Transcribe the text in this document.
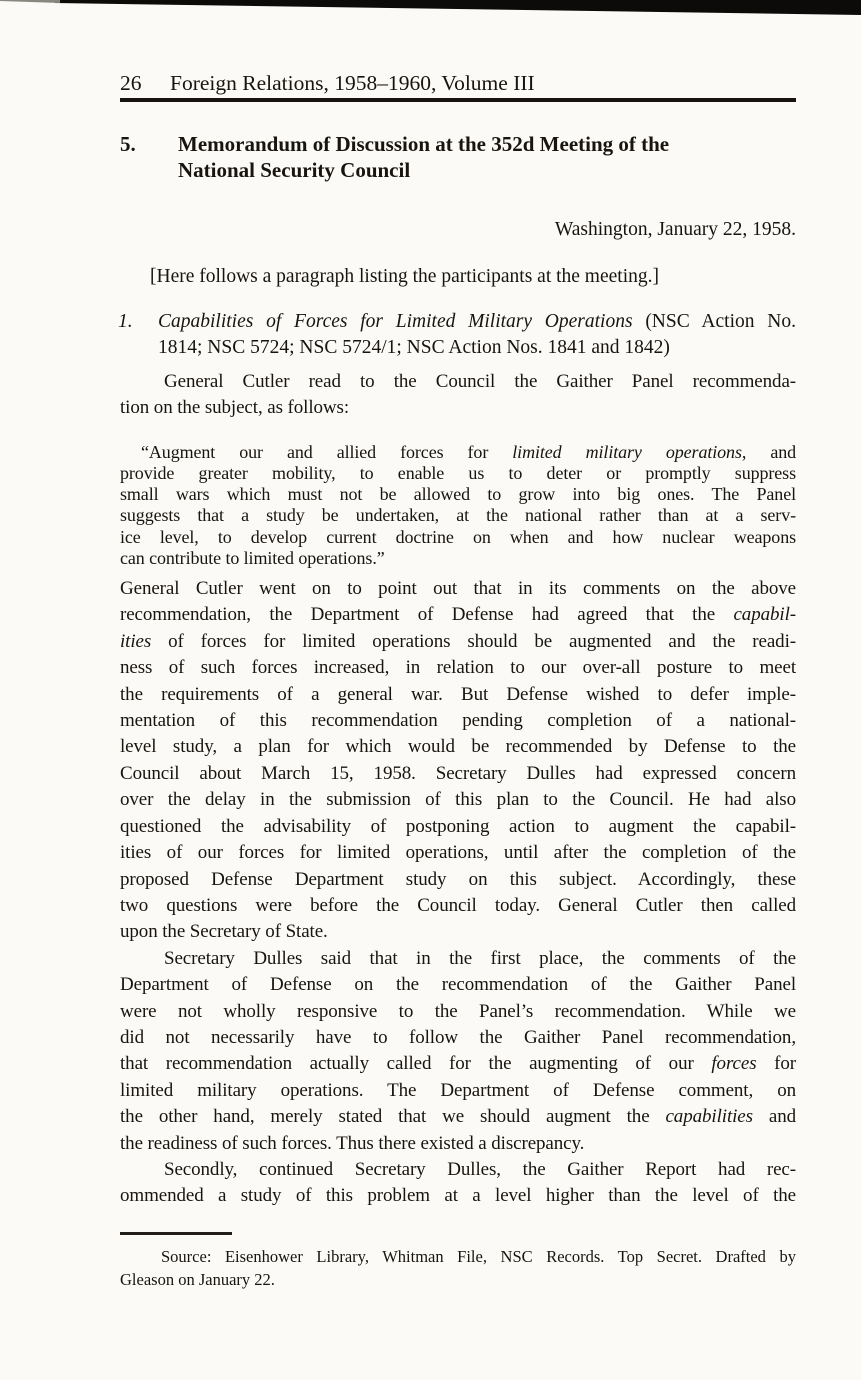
26 Foreign Relations, 1958–1960, Volume III
5.	Memorandum of Discussion at the 352d Meeting of the
National Security Council

Washington, January 22, 1958.

[Here follows a paragraph listing the participants at the meeting.]

1.	Capabilities of Forces for Limited Military Operations (NSC Action No.
1814; NSC 5724; NSC 5724/1; NSC Action Nos. 1841 and 1842)
General Cutler read to the Council the Gaither Panel recommenda-
tion on the subject, as follows:
“Augment our and allied forces for limited military operations, and
provide greater mobility, to enable us to deter or promptly suppress
small wars which must not be allowed to grow into big ones. The Panel
suggests that a study be undertaken, at the national rather than at a serv-
ice level, to develop current doctrine on when and how nuclear weapons
can contribute to limited operations.”
General Cutler went on to point out that in its comments on the above
recommendation, the Department of Defense had agreed that the capabil-
ities of forces for limited operations should be augmented and the readi-
ness of such forces increased, in relation to our over-all posture to meet
the requirements of a general war. But Defense wished to defer imple-
mentation of this recommendation pending completion of a national-
level study, a plan for which would be recommended by Defense to the
Council about March 15, 1958. Secretary Dulles had expressed concern
over the delay in the submission of this plan to the Council. He had also
questioned the advisability of postponing action to augment the capabil-
ities of our forces for limited operations, until after the completion of the
proposed Defense Department study on this subject. Accordingly, these
two questions were before the Council today. General Cutler then called
upon the Secretary of State.
Secretary Dulles said that in the first place, the comments of the
Department of Defense on the recommendation of the Gaither Panel
were not wholly responsive to the Panel’s recommendation. While we
did not necessarily have to follow the Gaither Panel recommendation,
that recommendation actually called for the augmenting of our forces for
limited military operations. The Department of Defense comment, on
the other hand, merely stated that we should augment the capabilities and
the readiness of such forces. Thus there existed a discrepancy.
Secondly, continued Secretary Dulles, the Gaither Report had rec-
ommended a study of this problem at a level higher than the level of the
Source: Eisenhower Library, Whitman File, NSC Records. Top Secret. Drafted by
Gleason on January 22.
